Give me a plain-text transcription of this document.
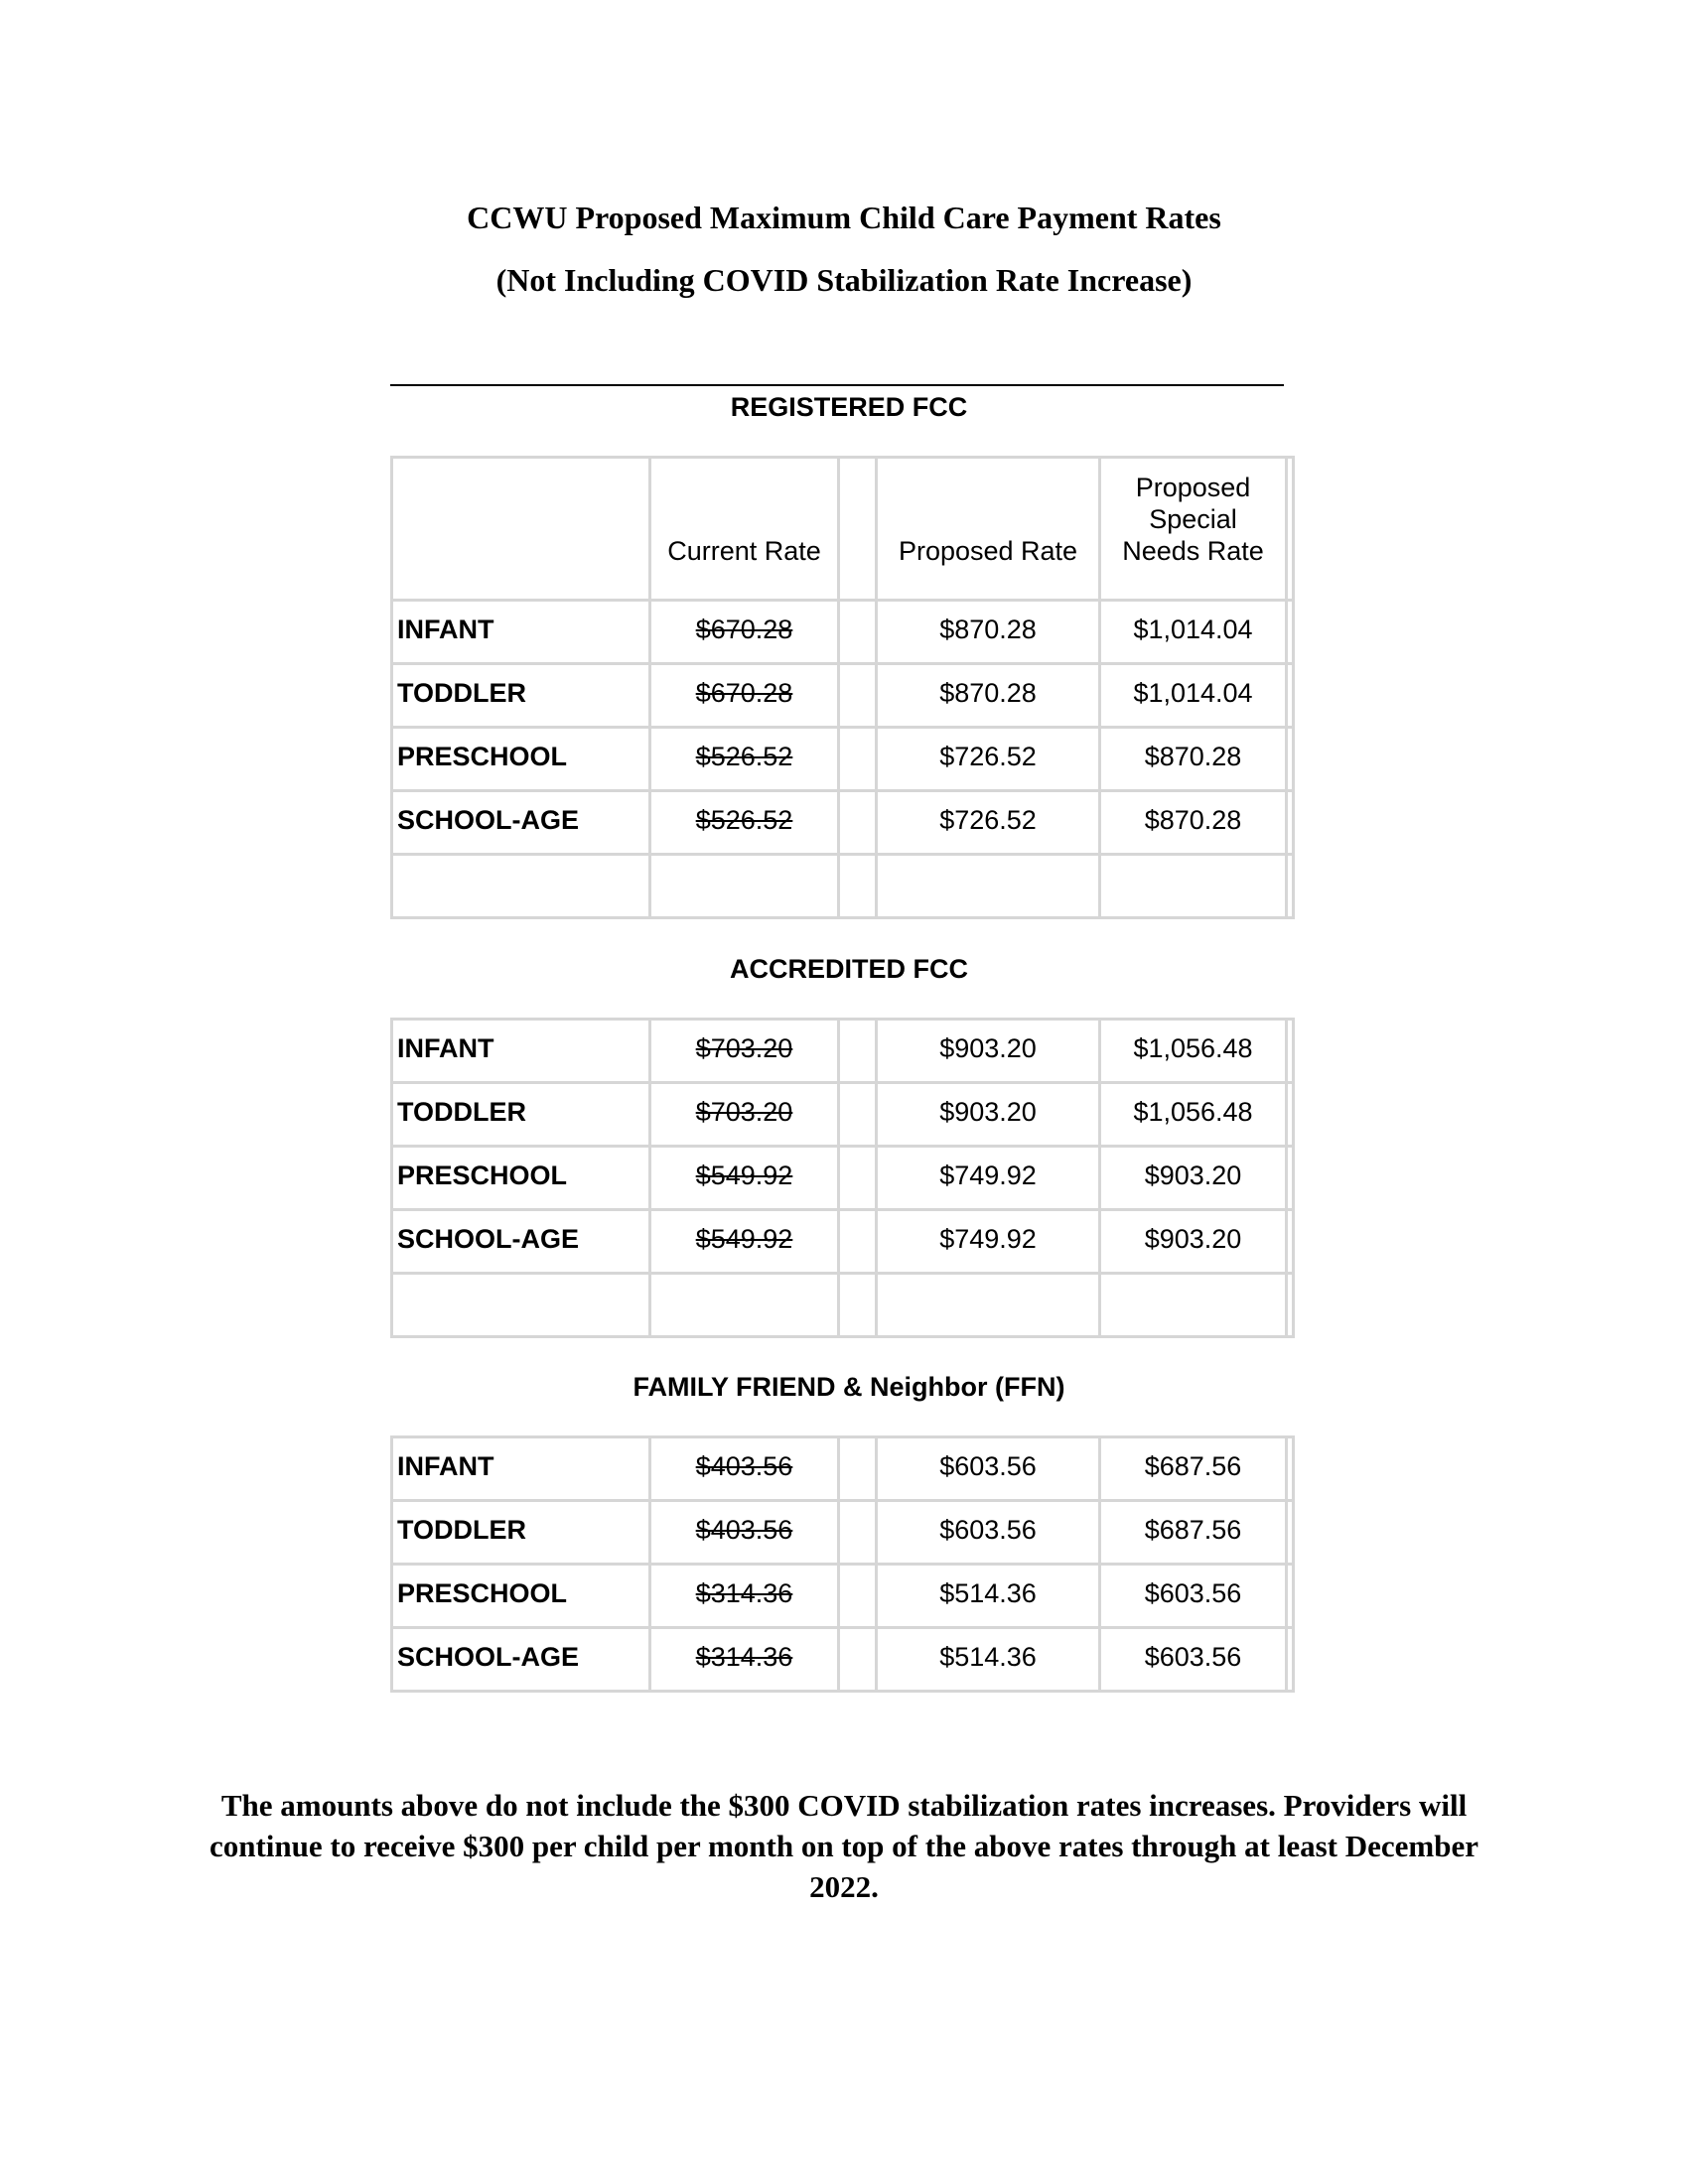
CCWU Proposed Maximum Child Care Payment Rates
(Not Including COVID Stabilization Rate Increase)
REGISTERED FCC
	Current Rate		Proposed Rate	Proposed
Special
Needs Rate	

INFANT	$670.28		$870.28	$1,014.04	
TODDLER	$670.28		$870.28	$1,014.04	
PRESCHOOL	$526.52		$726.52	$870.28	
SCHOOL-AGE	$526.52		$726.52	$870.28	

ACCREDITED FCC
INFANT	$703.20		$903.20	$1,056.48	
TODDLER	$703.20		$903.20	$1,056.48	
PRESCHOOL	$549.92		$749.92	$903.20	
SCHOOL-AGE	$549.92		$749.92	$903.20	

FAMILY FRIEND & Neighbor (FFN)
INFANT	$403.56		$603.56	$687.56	
TODDLER	$403.56		$603.56	$687.56	
PRESCHOOL	$314.36		$514.36	$603.56	
SCHOOL-AGE	$314.36		$514.36	$603.56	
The amounts above do not include the $300 COVID stabilization rates increases. Providers will continue to receive $300 per child per month on top of the above rates through at least December 2022.
